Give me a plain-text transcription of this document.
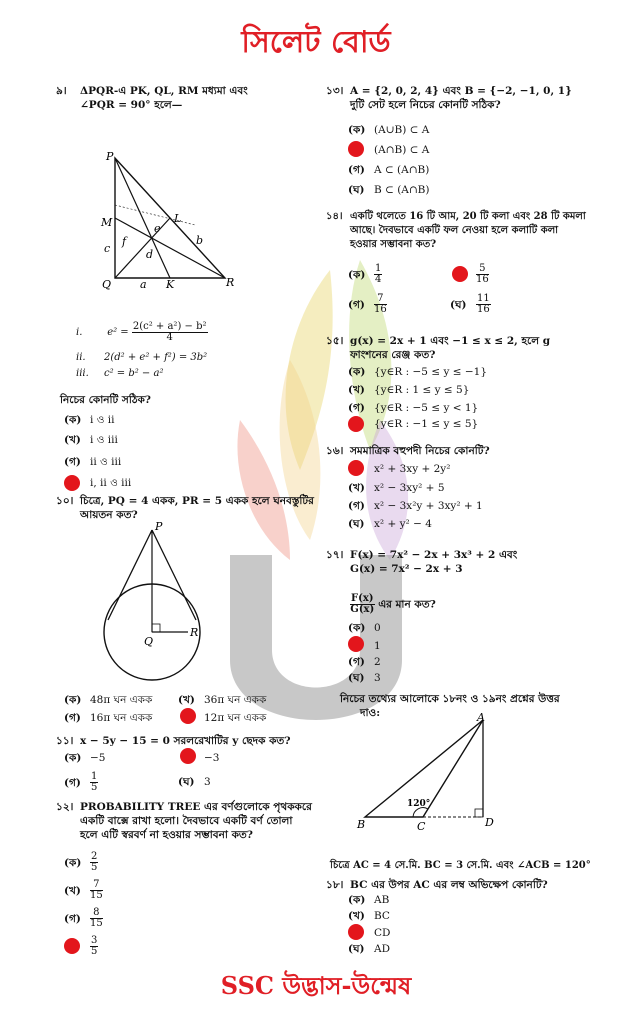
সিলেট বোর্ড
৯। ΔPQR-এ PK, QL, RM মধ্যমা এবং
∠PQR = 90° হলে—
P
M	L
c
f
e
d
b
Q	a K	R
i. $e^2 = \frac{\text{2(c² + a²) − b²}}{4}$
ii. 2(d² + e² + f²) = 3b²
iii. c² = b² − a²
নিচের কোনটি সঠিক?
(ক) i ও ii
(খ) i ও iii
(গ) ii ও iii
i, ii ও iii
১০। চিত্রে, PQ = 4 একক, PR = 5 একক হলে ঘনবস্তুটির
আয়তন কত?
P
Q
R
(ক) 48π ঘন একক (খ) 36π ঘন একক
(গ) 16π ঘন একক	12π ঘন একক
১১। x − 5y − 15 = 0 সরলরেখাটির y ছেদক কত?
(ক) −5	−3
(গ) $\frac{1}{5}$	(ঘ) 3
১২। PROBABILITY TREE এর বর্ণগুলোকে পৃথককরে
একটি বাক্সে রাখা হলো। দৈবভাবে একটি বর্ণ তোলা
হলে এটি স্বরবর্ণ না হওয়ার সম্ভাবনা কত?
(ক) $\frac{2}{5}$
(খ) $\frac{7}{15}$
(গ) $\frac{8}{15}$
$\frac{3}{5}$
১৩। A = {2, 0, 2, 4} এবং B = {−2, −1, 0, 1}
দুটি সেট হলে নিচের কোনটি সঠিক?
(ক) (A∪B) ⊂ A
(A∩B) ⊂ A
(গ) A ⊂ (A∩B)
(ঘ) B ⊂ (A∩B)
১৪। একটি থলেতে 16 টি আম, 20 টি কলা এবং 28 টি কমলা
আছে। দৈবভাবে একটি ফল নেওয়া হলে কলাটি কলা
হওয়ার সম্ভাবনা কত?
(ক) $\frac{1}{4}$	$\frac{5}{16}$
(গ) $\frac{7}{16}$	(ঘ) $\frac{11}{16}$
১৫। g(x) = 2x + 1 এবং −1 ≤ x ≤ 2, হলে g
ফাংশনের রেঞ্জ কত?
(ক) {y∈R : −5 ≤ y ≤ −1}
(খ) {y∈R : 1 ≤ y ≤ 5}
(গ) {y∈R : −5 ≤ y < 1}
{y∈R : −1 ≤ y ≤ 5}
১৬। সমমাত্রিক বহুপদী নিচের কোনটি?
x² + 3xy + 2y²
(খ) x² − 3xy² + 5
(গ) x² − 3x²y + 3xy² + 1
(ঘ) x² + y² − 4
১৭। F(x) = 7x² − 2x + 3x³ + 2 এবং
G(x) = 7x² − 2x + 3
$\frac{F(x)}{G(x)}$ এর মান কত?
(ক) 0
1
(গ) 2
(ঘ) 3
নিচের তথ্যের আলোকে ১৮নং ও ১৯নং প্রশ্নের উত্তর
দাও:	A
B	C	D
120°
চিত্রে AC = 4 সে.মি. BC = 3 সে.মি. এবং ∠ACB = 120°
১৮। BC এর উপর AC এর লম্ব অভিক্ষেপ কোনটি?
(ক) AB
(খ) BC
CD
(ঘ) AD
SSC উদ্ভাস-উন্মেষ
